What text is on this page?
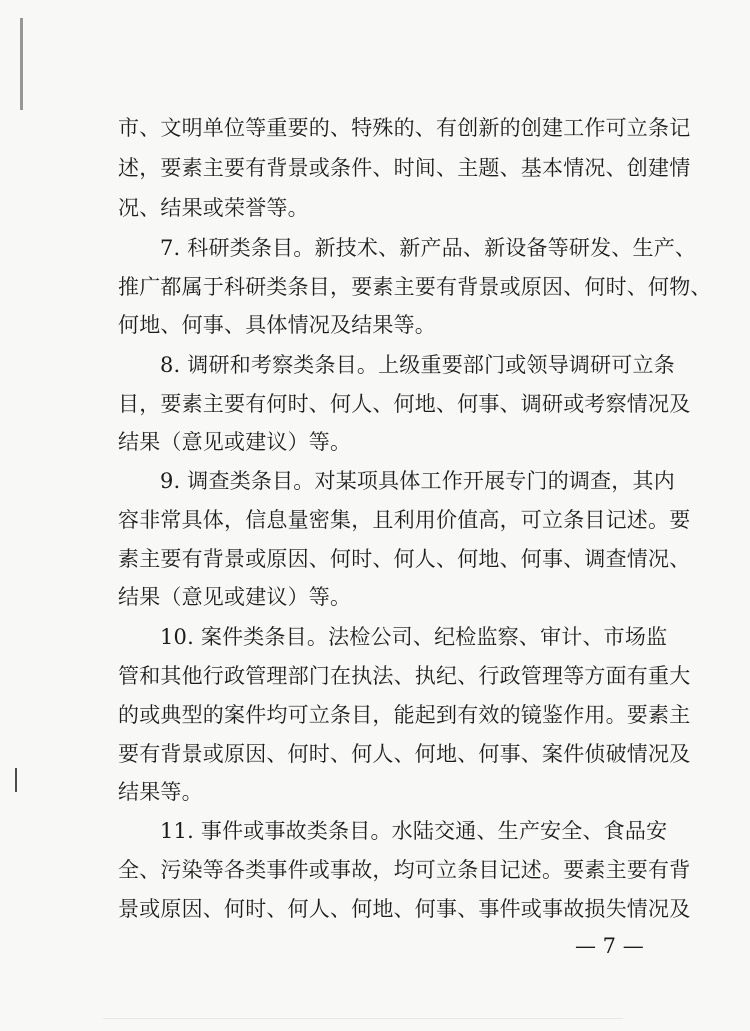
市、文明单位等重要的、特殊的、有创新的创建工作可立条记
述，要素主要有背景或条件、时间、主题、基本情况、创建情
况、结果或荣誉等。
7. 科研类条目。新技术、新产品、新设备等研发、生产、
推广都属于科研类条目，要素主要有背景或原因、何时、何物、
何地、何事、具体情况及结果等。
8. 调研和考察类条目。上级重要部门或领导调研可立条
目，要素主要有何时、何人、何地、何事、调研或考察情况及
结果（意见或建议）等。
9. 调查类条目。对某项具体工作开展专门的调查，其内
容非常具体，信息量密集，且利用价值高，可立条目记述。要
素主要有背景或原因、何时、何人、何地、何事、调查情况、
结果（意见或建议）等。
10. 案件类条目。法检公司、纪检监察、审计、市场监
管和其他行政管理部门在执法、执纪、行政管理等方面有重大
的或典型的案件均可立条目，能起到有效的镜鉴作用。要素主
要有背景或原因、何时、何人、何地、何事、案件侦破情况及
结果等。
11. 事件或事故类条目。水陆交通、生产安全、食品安
全、污染等各类事件或事故，均可立条目记述。要素主要有背
景或原因、何时、何人、何地、何事、事件或事故损失情况及
— 7 —
